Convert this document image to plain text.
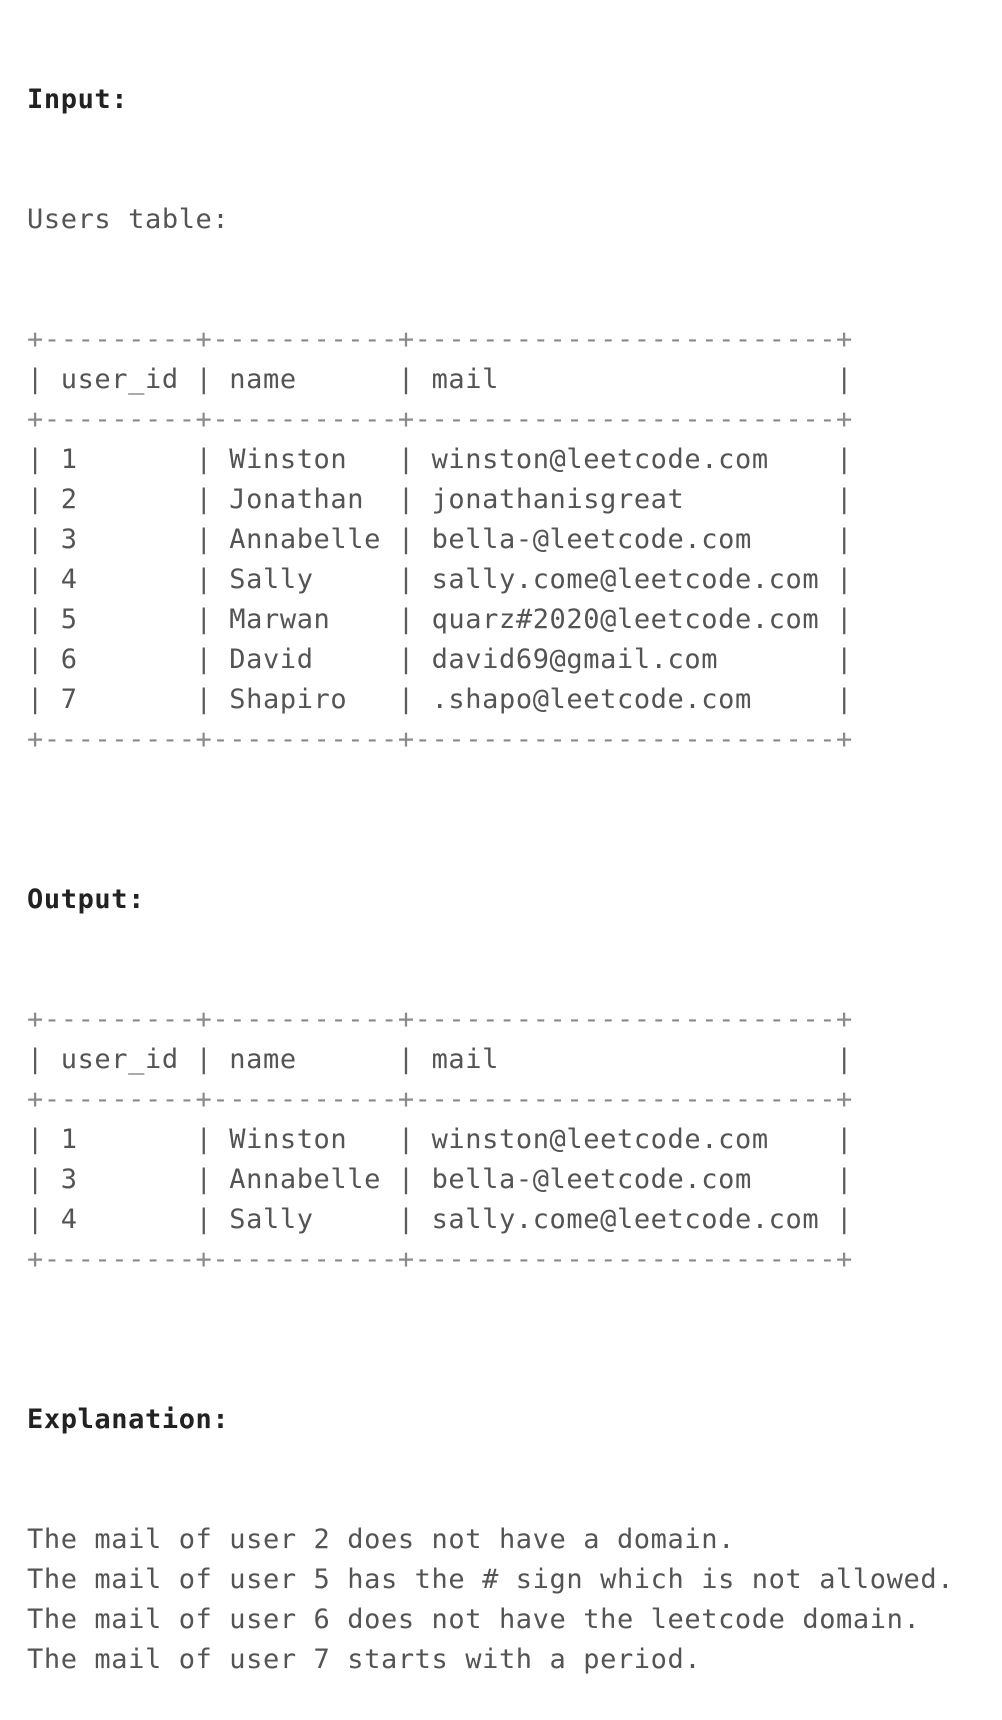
Input:

Users table:

+---------+-----------+-------------------------+
| user_id | name      | mail                    |
+---------+-----------+-------------------------+
| 1       | Winston   | winston@leetcode.com    |
| 2       | Jonathan  | jonathanisgreat         |
| 3       | Annabelle | bella-@leetcode.com     |
| 4       | Sally     | sally.come@leetcode.com |
| 5       | Marwan    | quarz#2020@leetcode.com |
| 6       | David     | david69@gmail.com       |
| 7       | Shapiro   | .shapo@leetcode.com     |
+---------+-----------+-------------------------+

Output:

+---------+-----------+-------------------------+
| user_id | name      | mail                    |
+---------+-----------+-------------------------+
| 1       | Winston   | winston@leetcode.com    |
| 3       | Annabelle | bella-@leetcode.com     |
| 4       | Sally     | sally.come@leetcode.com |
+---------+-----------+-------------------------+

Explanation:

The mail of user 2 does not have a domain.
The mail of user 5 has the # sign which is not allowed.
The mail of user 6 does not have the leetcode domain.
The mail of user 7 starts with a period.
